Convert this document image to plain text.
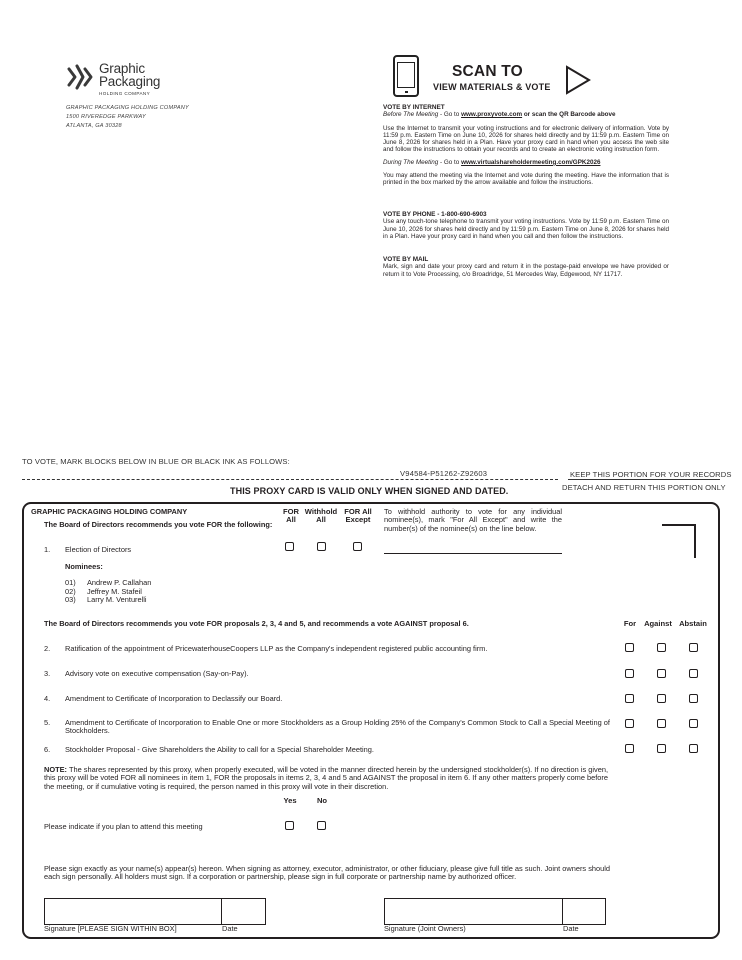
Graphic
Packaging
HOLDING COMPANY
GRAPHIC PACKAGING HOLDING COMPANY
1500 RIVEREDGE PARKWAY
ATLANTA, GA 30328
SCAN TO
VIEW MATERIALS & VOTE
VOTE BY INTERNET
Before The Meeting - Go to www.proxyvote.com or scan the QR Barcode above
Use the Internet to transmit your voting instructions and for electronic delivery of information. Vote by 11:59 p.m. Eastern Time on June 10, 2026 for shares held directly and by 11:59 p.m. Eastern Time on June 8, 2026 for shares held in a Plan. Have your proxy card in hand when you access the web site and follow the instructions to obtain your records and to create an electronic voting instruction form.
During The Meeting - Go to www.virtualshareholdermeeting.com/GPK2026
You may attend the meeting via the Internet and vote during the meeting. Have the information that is printed in the box marked by the arrow available and follow the instructions.
VOTE BY PHONE - 1-800-690-6903
Use any touch-tone telephone to transmit your voting instructions. Vote by 11:59 p.m. Eastern Time on June 10, 2026 for shares held directly and by 11:59 p.m. Eastern Time on June 8, 2026 for shares held in a Plan. Have your proxy card in hand when you call and then follow the instructions.
VOTE BY MAIL
Mark, sign and date your proxy card and return it in the postage-paid envelope we have provided or return it to Vote Processing, c/o Broadridge, 51 Mercedes Way, Edgewood, NY 11717.
TO VOTE, MARK BLOCKS BELOW IN BLUE OR BLACK INK AS FOLLOWS:
V94584-P51262-Z92603	KEEP THIS PORTION FOR YOUR RECORDS
DETACH AND RETURN THIS PORTION ONLY
THIS PROXY CARD IS VALID ONLY WHEN SIGNED AND DATED.
GRAPHIC PACKAGING HOLDING COMPANY
The Board of Directors recommends you vote FOR the following:
FOR
All
Withhold
All
FOR All
Except
To withhold authority to vote for any individual nominee(s), mark "For All Except" and write the number(s) of the nominee(s) on the line below.
1. Election of Directors
Nominees:
01) Andrew P. Callahan
02) Jeffrey M. Stafeil
03) Larry M. Venturelli
The Board of Directors recommends you vote FOR proposals 2, 3, 4 and 5, and recommends a vote AGAINST proposal 6.	For	Against Abstain
2. Ratification of the appointment of PricewaterhouseCoopers LLP as the Company's independent registered public accounting firm.
3. Advisory vote on executive compensation (Say-on-Pay).
4. Amendment to Certificate of Incorporation to Declassify our Board.
5. Amendment to Certificate of Incorporation to Enable One or more Stockholders as a Group Holding 25% of the Company's Common Stock to Call a Special Meeting of Stockholders.
6. Stockholder Proposal - Give Shareholders the Ability to call for a Special Shareholder Meeting.
NOTE: The shares represented by this proxy, when properly executed, will be voted in the manner directed herein by the undersigned stockholder(s). If no direction is given, this proxy will be voted FOR all nominees in item 1, FOR the proposals in items 2, 3, 4 and 5 and AGAINST the proposal in item 6. If any other matters properly come before the meeting, or if cumulative voting is required, the person named in this proxy will vote in their discretion.
Yes	No
Please indicate if you plan to attend this meeting
Please sign exactly as your name(s) appear(s) hereon. When signing as attorney, executor, administrator, or other fiduciary, please give full title as such. Joint owners should each sign personally. All holders must sign. If a corporation or partnership, please sign in full corporate or partnership name by authorized officer.
Signature [PLEASE SIGN WITHIN BOX]	Date	Signature (Joint Owners)	Date
